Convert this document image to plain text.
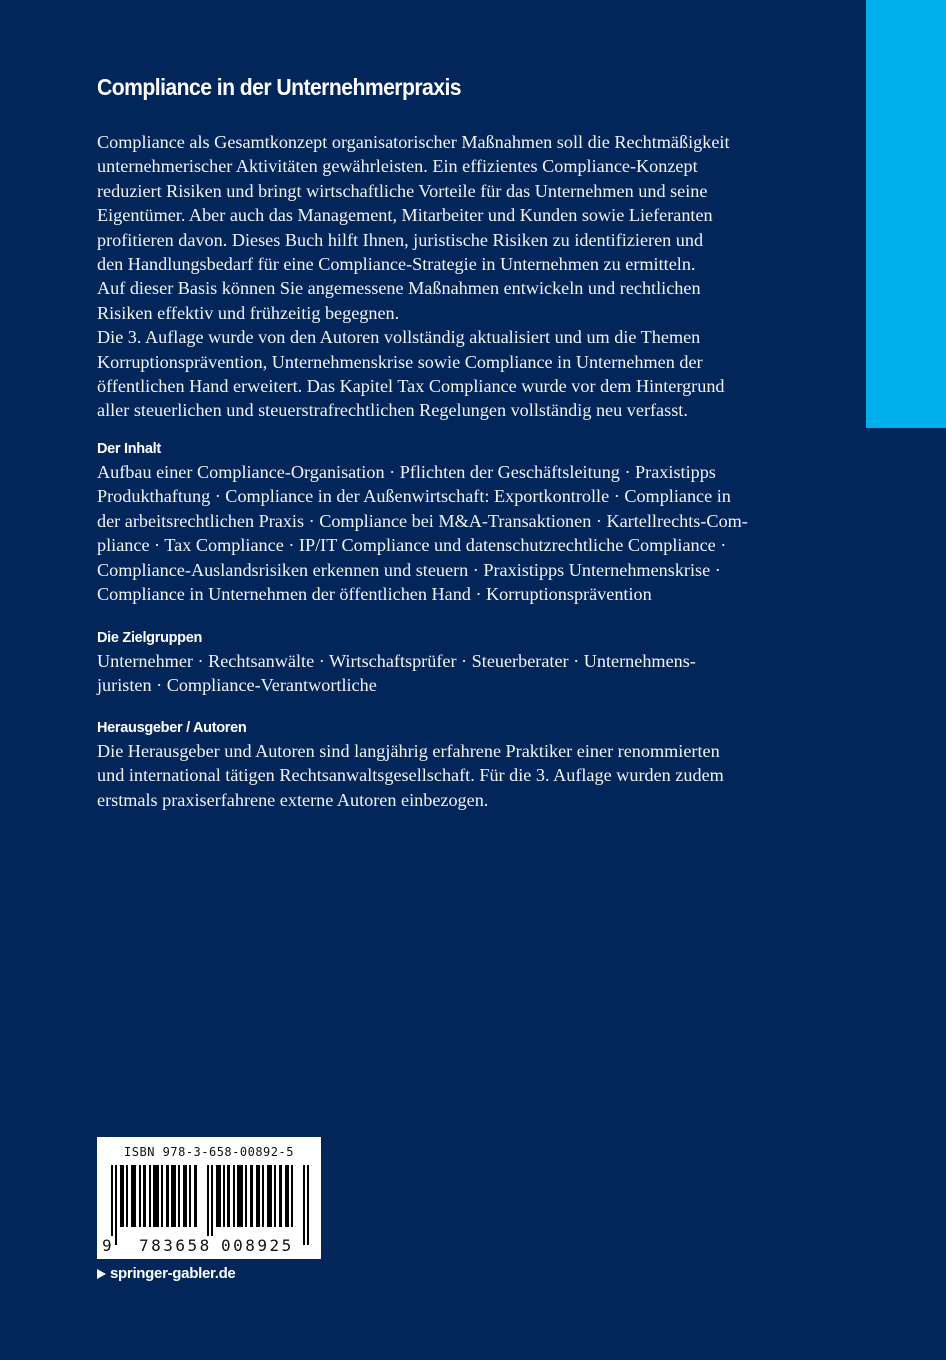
Compliance in der Unternehmerpraxis
Compliance als Gesamtkonzept organisatorischer Maßnahmen soll die Rechtmäßigkeit
unternehmerischer Aktivitäten gewährleisten. Ein effizientes Compliance-Konzept
reduziert Risiken und bringt wirtschaftliche Vorteile für das Unternehmen und seine
Eigentümer. Aber auch das Management, Mitarbeiter und Kunden sowie Lieferanten
profitieren davon. Dieses Buch hilft Ihnen, juristische Risiken zu identifizieren und
den Handlungsbedarf für eine Compliance-Strategie in Unternehmen zu ermitteln.
Auf dieser Basis können Sie angemessene Maßnahmen entwickeln und rechtlichen
Risiken effektiv und frühzeitig begegnen.
Die 3. Auflage wurde von den Autoren vollständig aktualisiert und um die Themen
Korruptionsprävention, Unternehmenskrise sowie Compliance in Unternehmen der
öffentlichen Hand erweitert. Das Kapitel Tax Compliance wurde vor dem Hintergrund
aller steuerlichen und steuerstrafrechtlichen Regelungen vollständig neu verfasst.
Der Inhalt
Aufbau einer Compliance-Organisation · Pflichten der Geschäftsleitung · Praxistipps
Produkthaftung · Compliance in der Außenwirtschaft: Exportkontrolle · Compliance in
der arbeitsrechtlichen Praxis · Compliance bei M&A-Transaktionen · Kartellrechts-Com-
pliance · Tax Compliance · IP/IT Compliance und datenschutzrechtliche Compliance ·
Compliance-Auslandsrisiken erkennen und steuern · Praxistipps Unternehmenskrise ·
Compliance in Unternehmen der öffentlichen Hand · Korruptionsprävention
Die Zielgruppen
Unternehmer · Rechtsanwälte · Wirtschaftsprüfer · Steuerberater · Unternehmens-
juristen · Compliance-Verantwortliche
Herausgeber / Autoren
Die Herausgeber und Autoren sind langjährig erfahrene Praktiker einer renommierten
und international tätigen Rechtsanwaltsgesellschaft. Für die 3. Auflage wurden zudem
erstmals praxiserfahrene externe Autoren einbezogen.
ISBN 978-3-658-00892-5
9 783658 008925
springer-gabler.de
